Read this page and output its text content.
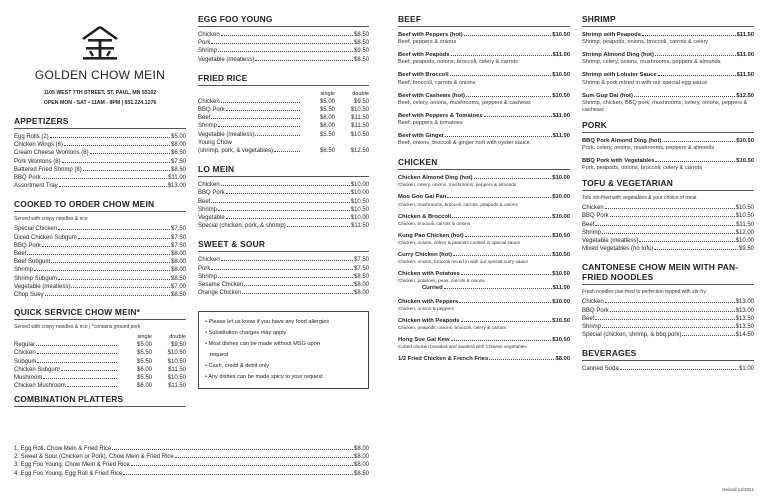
GOLDEN CHOW MEIN
1105 WEST 7TH STREET, ST. PAUL, MN 55102
OPEN MON - SAT • 11AM - 8PM | 651.224.1276
APPETIZERS
Egg Rolls (2)	$5.00
Chicken Wings (6)	$8.00
Cream Cheese Wontons (8)	$6.50
Pork Wontons (8)	$7.50
Battered Fried Shrimp (8)	$8.50
BBQ Pork	$11.00
Assortment Tray	$13.00
COOKED TO ORDER CHOW MEIN
Served with crispy noodles & rice
Special Chicken	$7.50
Diced Chicken Subgum	$7.50
BBQ Pork	$7.50
Beef	$8.00
Beef Subgum	$8.00
Shrimp	$8.00
Shrimp Subgum	$8.50
Vegetable (meatless)	$7.00
Chop Suey	$8.50
QUICK SERVICE CHOW MEIN*
Served with crispy noodles & rice | *contains ground pork
single	double
Regular	$5.00	$9.50
Chicken	$5.50	$10.50
Subgum	$5.50	$10.50
Chicken Subgum	$6.00	$11.50
Mushroom	$5.50	$10.50
Chicken Mushroom	$6.00	$11.50
COMBINATION PLATTERS
1. Egg Roll, Chow Mein & Fried Rice	$8.00
2. Sweet & Sour (Chicken or Pork), Chow Mein & Fried Rice	$8.00
3. Egg Foo Young, Chow Mein & Fried Rice	$8.00
4. Egg Foo Young, Egg Roll & Fried Rice	$8.50
EGG FOO YOUNG
Chicken	$8.50
Pork	$8.50
Shrimp	$9.50
Vegetable (meatless)	$8.50
FRIED RICE
single	double
Chicken	$5.00	$9.50
BBQ Pork	$5.50	$10.50
Beef	$6.00	$11.50
Shrimp	$6.00	$11.50
Vegetable (meatless)	$5.50	$10.50
Young Chow
(shrimp, pork, & vegetables)	$6.50	$12.50
LO MEIN
Chicken	$10.00
BBQ Pork	$10.00
Beef	$10.50
Shrimp	$10.50
Vegetable	$10.00
Special (chicken, pork, & shrimp)	$11.50
SWEET & SOUR
Chicken	$7.50
Pork	$7.50
Shrimp	$8.50
Sesame Chicken	$8.00
Orange Chicken	$8.00
• Please let us know if you have any food allergies
• Substitution charges may apply
• Most dishes can be made without MSG upon
request
• Cash, credit & debit only
• Any dishes can be made spicy to your request
BEEF
Beef with Peppers (hot)	$10.50
Beef, peppers & onions
Beef with Peapods	$11.00
Beef, peapods, onions, broccoli, celery & carrots
Beef with Broccoli	$10.50
Beef, broccoli, carrots & onions
Beef with Cashews (hot)	$10.50
Beef, celery, onions, mushrooms, peppers & cashews
Beef with Peppers & Tomatoes	$11.00
Beef, peppers & tomatoes
Beef with Ginger	$11.00
Beef, onions, broccoli & ginger root with oyster sauce
CHICKEN
Chicken Almond Ding (hot)	$10.00
Chicken, celery, onions, mushrooms, peppers & almonds
Moo Goo Gai Pan	$10.00
Chicken, mushrooms, broccoli, carrots, peapods & onions
Chicken & Broccoli	$10.00
Chicken, broccoli, carrots & onions
Kung Pao Chicken (hot)	$10.50
Chicken, onions, celery & peanuts cooked in special sauce
Curry Chicken (hot)	$10.50
Chicken, onions, broccoli mixed in with our special curry sauce
Chicken with Potatoes	$10.50
Chicken, potatoes, peas, carrots & onions
Curried	$11.00
Chicken with Peppers	$10.00
Chicken, onions & peppers
Chicken with Peapods	$10.50
Chicken, peapods, onions, broccoli, celery & carrots
Hong Sue Gai Kew	$10.50
Cubed chicken breaded and sautéed with Chinese vegetables
1/2 Fried Chicken & French Fries	$8.00
SHRIMP
Shrimp with Peapods	$11.50
Shrimp, peapods, onions, broccoli, carrots & celery
Shrimp Almond Ding (hot)	$11.00
Shrimp, celery, onions, mushrooms, peppers & almonds
Shrimp with Lobster Sauce	$11.50
Shrimp & pork mixed in with our special egg sauce
Sum Gup Dai (hot)	$12.50
Shrimp, chicken, BBQ pork, mushrooms, celery, onions, peppers & cashews
PORK
BBQ Pork Almond Ding (hot)	$10.50
Pork, celery, onions, mushrooms, peppers & almonds
BBQ Pork with Vegetables	$10.50
Pork, peapods, onions, broccoli, celery & carrots
TOFU & VEGETARIAN
Tofu stir-fried with vegetables & your choice of meat
Chicken	$10.50
BBQ Pork	$10.50
Beef	$11.50
Shrimp	$12.00
Vegetable (meatless)	$10.00
Mixed Vegetables (no tofu)	$9.50
CANTONESE CHOW MEIN WITH PAN-FRIED NOODLES
Fresh noodles pan-fried to perfection topped with stir-fry
Chicken	$13.00
BBQ Pork	$13.00
Beef	$13.50
Shrimp	$13.50
Special (chicken, shrimp, & bbq pork)	$14.50
BEVERAGES
Canned Soda	$1.00
revised 12/2021
